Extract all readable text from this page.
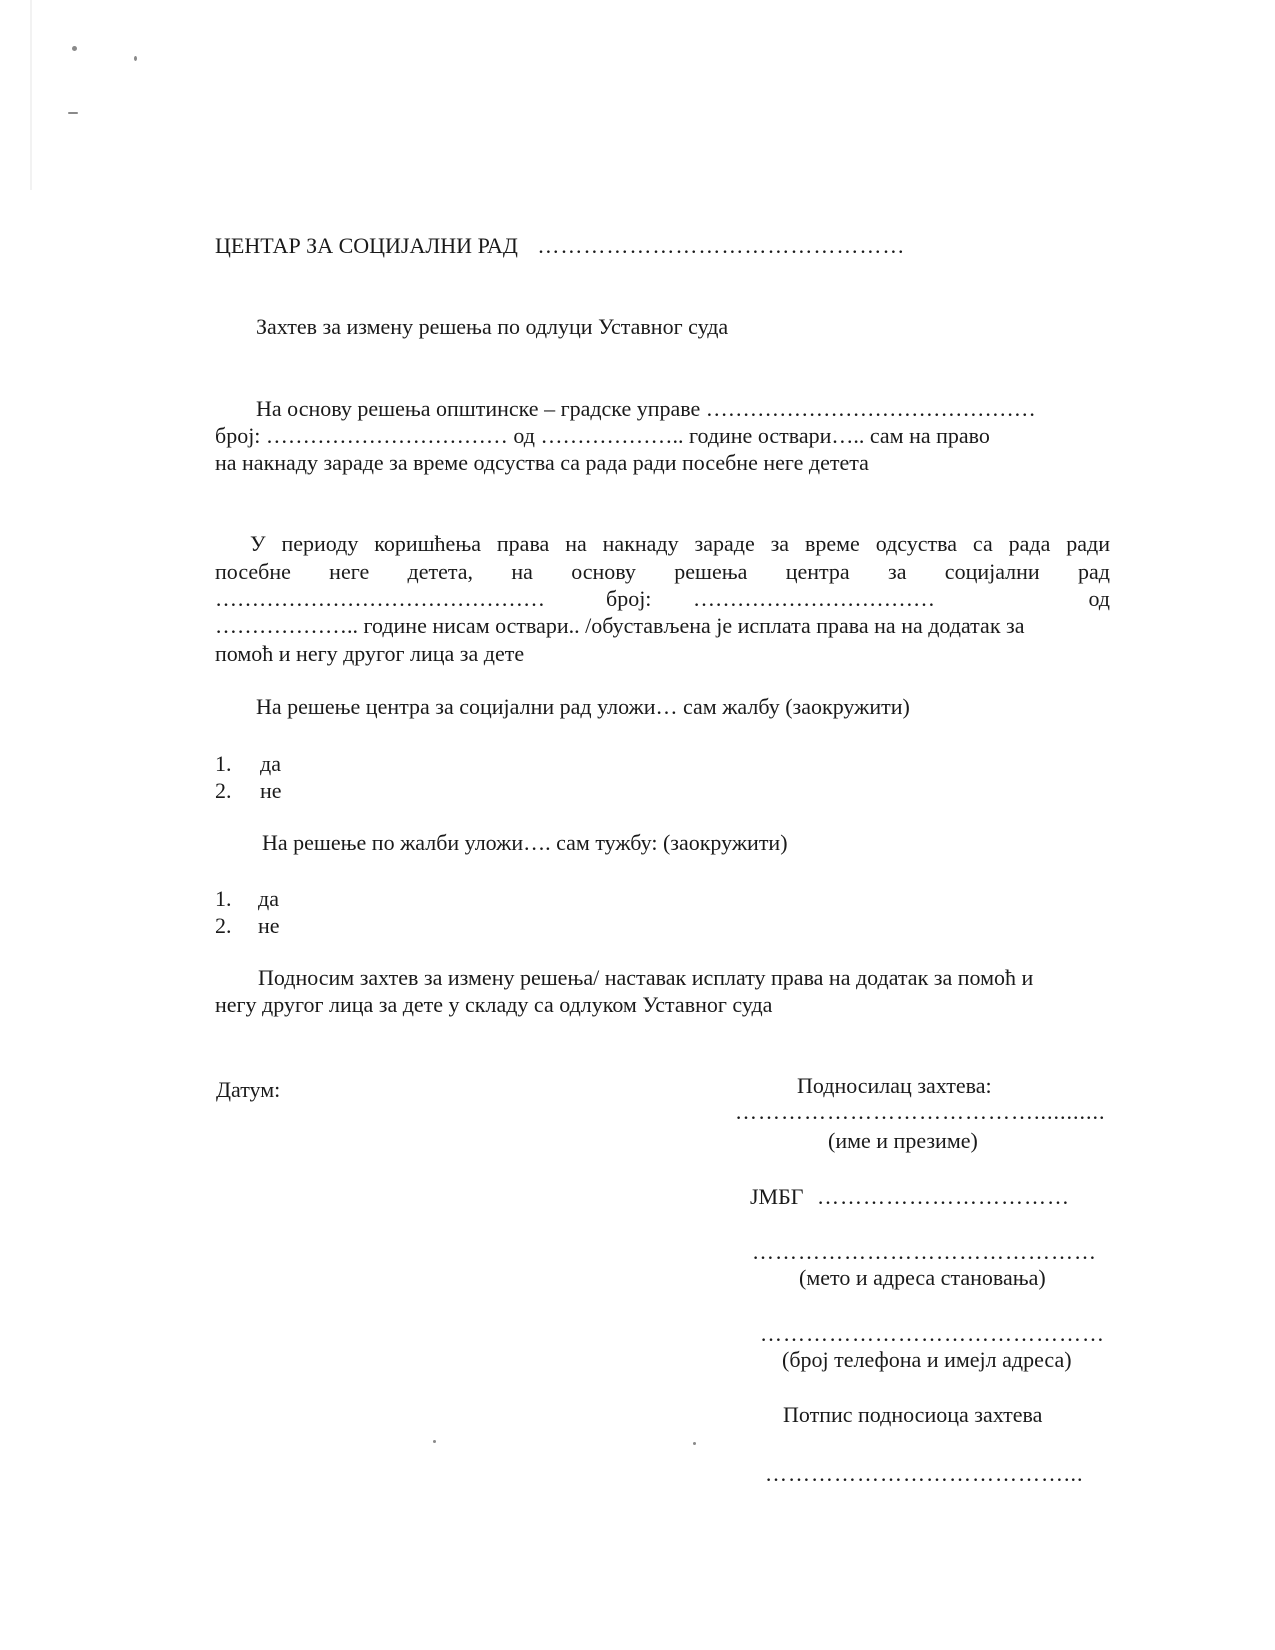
ЦЕНТАР ЗА СОЦИЈАЛНИ РАД …………………………………………
Захтев за измену решења по одлуци Уставног суда
На основу решења општинске – градске управе ………………………………………
број: …………………………… од ……………….. године оствари….. сам на право
на накнаду зараде за време одсуства са рада ради посебне неге детета
У периоду коришћења права на накнаду зараде за време одсуства са рада ради
посебне неге детета, на основу решења центра за социјални рад
………………………………………	број: ……………………………	од
……………….. године нисам оствари.. /обустављена је исплата права на на додатак за
помоћ и негу другог лица за дете
На решење центра за социјални рад уложи… сам жалбу (заокружити)
1. да
2. не
На решење по жалби уложи…. сам тужбу: (заокружити)
1. да
2. не
Подносим захтев за измену решења/ наставак исплату права на додатак за помоћ и
негу другог лица за дете у складу са одлуком Уставног суда
Датум:	Подносилац захтева:
…………………………………...........
(име и презиме)
ЈМБГ ……………………………
………………………………………
(мето и адреса становања)
………………………………………
(број телефона и имејл адреса)
Потпис подносиоца захтева
…………………………………...
